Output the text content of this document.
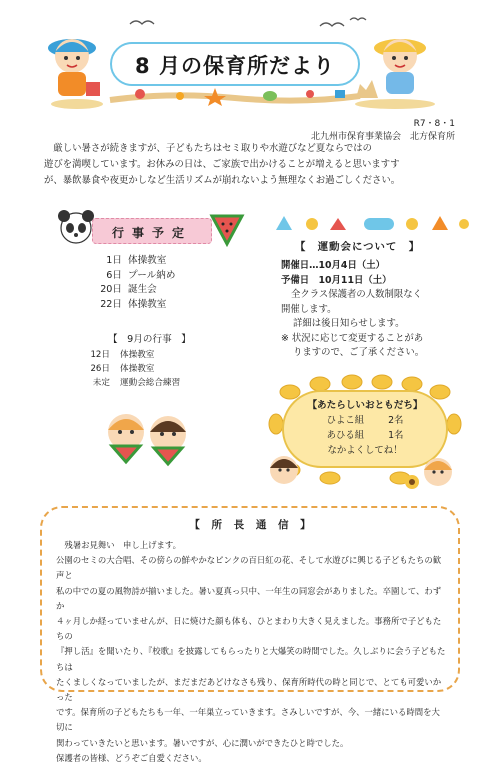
8 月の保育所だより
R7・8・1
北九州市保育事業協会　北方保育所
　厳しい暑さが続きますが、子どもたちはセミ取りや水遊びなど夏ならではの
遊びを満喫しています。お休みの日は、ご家族で出かけることが増えると思いますす
が、暴飲暴食や夜更かしなど生活リズムが崩れないよう無理なくお過ごしください。
行事予定
1日 体操教室
6日 プール納め
20日 誕生会
22日 体操教室
【　9月の行事　】
12日	体操教室
26日	体操教室
未定	運動会総合練習
【　運動会について　】
開催日…10月4日（土）
予備日　10月11日（土）
全クラス保護者の人数制限なく
開催します。
詳細は後日知らせします。
※ 状況に応じて変更することがあ
りますので、ご了承ください。
【あたらしいおともだち】
ひよこ組	2名
あひる組	1名
なかよくしてね！
【 所 長 通 信 】
　残暑お見舞い　申し上げます。
公園のセミの大合唱、その傍らの鮮やかなピンクの百日紅の花、そして水遊びに興じる子どもたちの歓声と
私の中での夏の風物詩が揃いました。暑い夏真っ只中、一年生の同窓会がありました。卒園して、わずか
４ヶ月しか経っていませんが、日に焼けた顔も体も、ひとまわり大きく見えました。事務所で子どもたちの
『押し活』を聞いたり、『校歌』を披露してもらったりと大爆笑の時間でした。久しぶりに会う子どもたちは
たくましくなっていましたが、まだまだあどけなさも残り、保育所時代の時と同じで、とても可愛いかった
です。保育所の子どもたちも一年、一年巣立っていきます。さみしいですが、今、一緒にいる時間を大切に
関わっていきたいと思います。暑いですが、心に潤いができたひと時でした。
保護者の皆様、どうぞご自愛ください。
